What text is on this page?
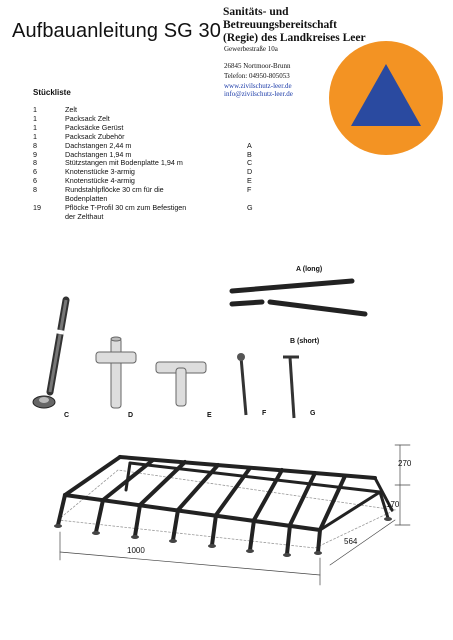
Aufbauanleitung SG 30
Sanitäts- und Betreuungsbereitschaft
(Regie) des Landkreises Leer
Gewerbestraße 10a
26845 Nortmoor-Brunn
Telefon: 04950-805053
www.zivilschutz-leer.de
info@zivilschutz-leer.de
Stückliste
1	Zelt
1	Packsack Zelt
1	Packsäcke Gerüst
1	Packsack Zubehör
8	Dachstangen 2,44 m	A
9	Dachstangen 1,94 m	B
8	Stützstangen mit Bodenplatte 1,94 m	C
6	Knotenstücke 3-armig	D
6	Knotenstücke 4-armig	E
8	Rundstahlpflöcke 30 cm für die	F
Bodenplatten
19	Pflöcke T-Profil 30 cm zum Befestigen	G
der Zelthaut
A (long)
B (short)
C	D	E	F	G
270
170
1000
564
